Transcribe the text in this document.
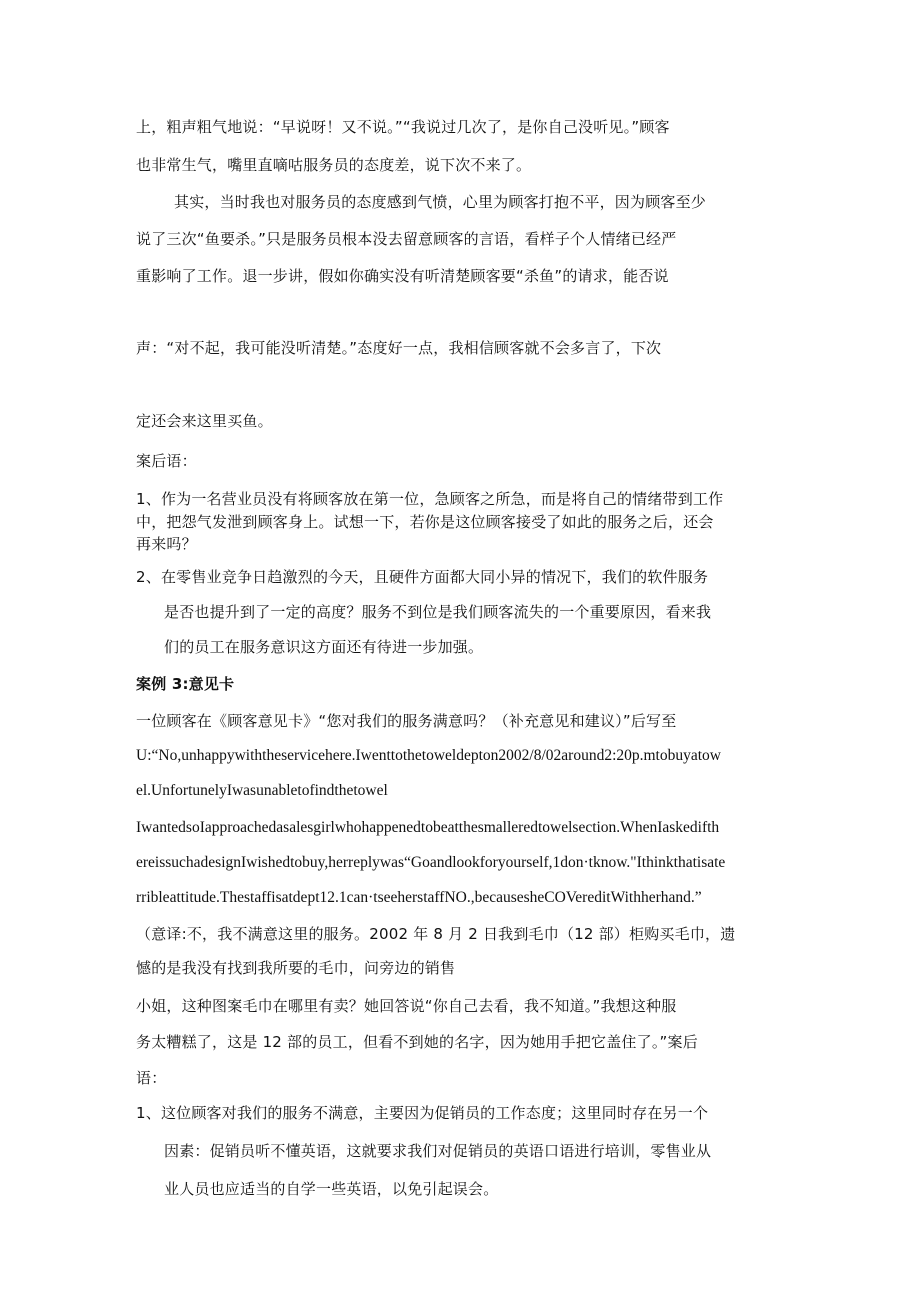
上，粗声粗气地说：“早说呀！又不说。”“我说过几次了，是你自己没听见。”顾客
也非常生气，嘴里直嘀咕服务员的态度差，说下次不来了。
其实，当时我也对服务员的态度感到气愤，心里为顾客打抱不平，因为顾客至少
说了三次“鱼要杀。”只是服务员根本没去留意顾客的言语，看样子个人情绪已经严
重影响了工作。退一步讲，假如你确实没有听清楚顾客要“杀鱼”的请求，能否说
声：“对不起，我可能没听清楚。”态度好一点，我相信顾客就不会多言了，下次
定还会来这里买鱼。
案后语：
1、作为一名营业员没有将顾客放在第一位，急顾客之所急，而是将自己的情绪带到工作
中，把怨气发泄到顾客身上。试想一下，若你是这位顾客接受了如此的服务之后，还会
再来吗？
2、在零售业竞争日趋激烈的今天，且硬件方面都大同小异的情况下，我们的软件服务
是否也提升到了一定的高度？服务不到位是我们顾客流失的一个重要原因，看来我
们的员工在服务意识这方面还有待进一步加强。
案例 3:意见卡
一位顾客在《顾客意见卡》“您对我们的服务满意吗？（补充意见和建议）”后写至
U:“No,unhappywiththeservicehere.Iwenttothetoweldepton2002/8/02around2:20p.mtobuyatow
el.UnfortunelyIwasunabletofindthetowel
IwantedsoIapproachedasalesgirlwhohappenedtobeatthesmalleredtowelsection.WhenIaskedifth
ereissuchadesignIwishedtobuy,herreplywas“Goandlookforyourself,1don·tknow."Ithinkthatisate
rribleattitude.Thestaffisatdept12.1can·tseeherstaffNO.,becausesheCOVereditWithherhand.”
（意译:不，我不满意这里的服务。2002 年 8 月 2 日我到毛巾（12 部）柜购买毛巾，遗
憾的是我没有找到我所要的毛巾，问旁边的销售
小姐，这种图案毛巾在哪里有卖？她回答说“你自己去看，我不知道。”我想这种服
务太糟糕了，这是 12 部的员工，但看不到她的名字，因为她用手把它盖住了。”案后
语：
1、这位顾客对我们的服务不满意，主要因为促销员的工作态度；这里同时存在另一个
因素：促销员听不懂英语，这就要求我们对促销员的英语口语进行培训，零售业从
业人员也应适当的自学一些英语，以免引起误会。
